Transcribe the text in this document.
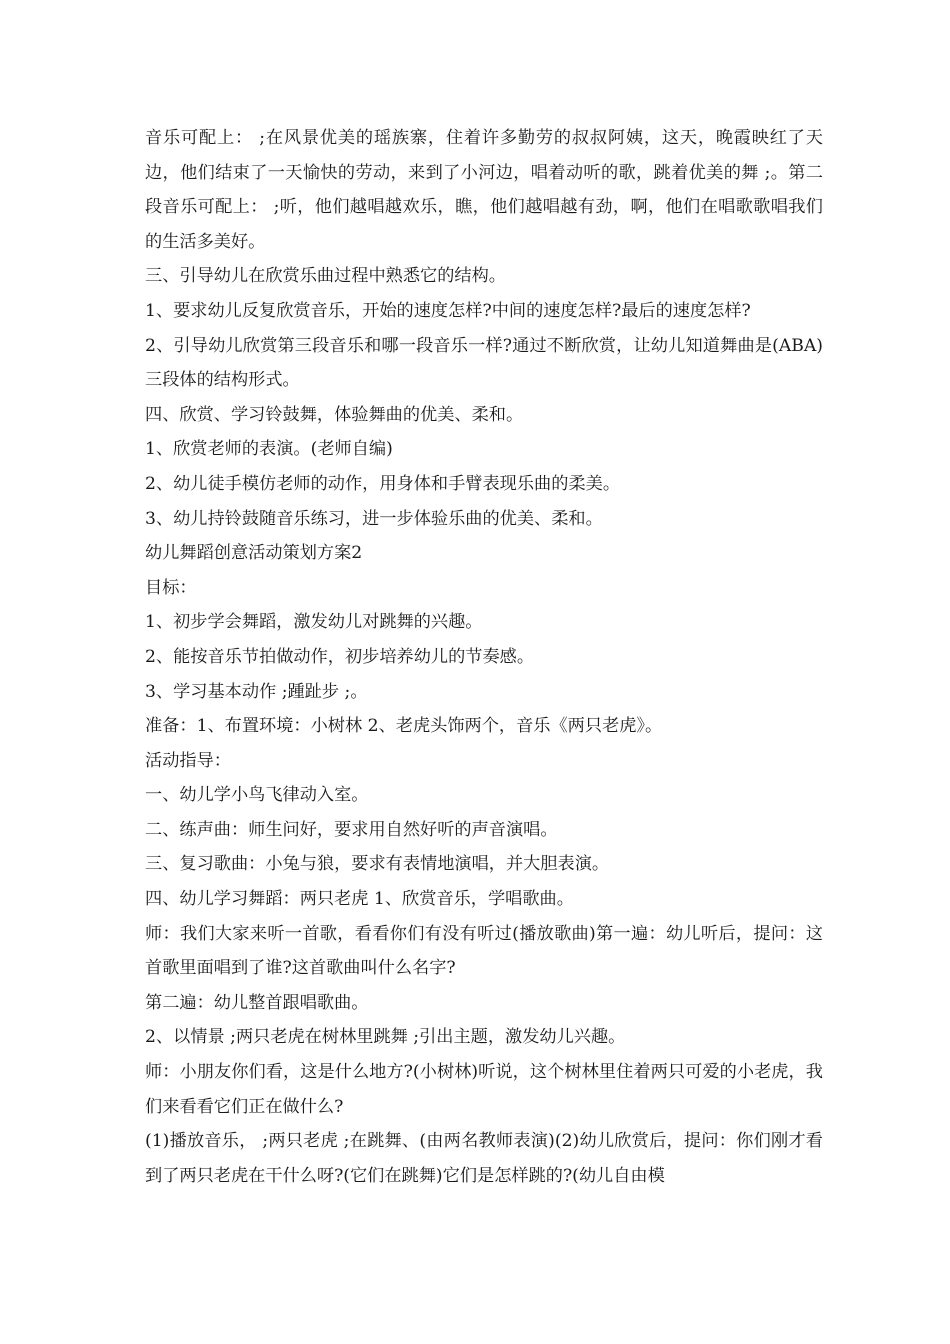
音乐可配上： ;在风景优美的瑶族寨，住着许多勤劳的叔叔阿姨，这天，晚霞映红了天边，他们结束了一天愉快的劳动，来到了小河边，唱着动听的歌，跳着优美的舞 ;。第二段音乐可配上： ;听，他们越唱越欢乐，瞧，他们越唱越有劲，啊，他们在唱歌歌唱我们的生活多美好。

三、引导幼儿在欣赏乐曲过程中熟悉它的结构。

1、要求幼儿反复欣赏音乐，开始的速度怎样?中间的速度怎样?最后的速度怎样?

2、引导幼儿欣赏第三段音乐和哪一段音乐一样?通过不断欣赏，让幼儿知道舞曲是(ABA)三段体的结构形式。

四、欣赏、学习铃鼓舞，体验舞曲的优美、柔和。

1、欣赏老师的表演。(老师自编)

2、幼儿徒手模仿老师的动作，用身体和手臂表现乐曲的柔美。

3、幼儿持铃鼓随音乐练习，进一步体验乐曲的优美、柔和。

幼儿舞蹈创意活动策划方案2

目标：

1、初步学会舞蹈，激发幼儿对跳舞的兴趣。

2、能按音乐节拍做动作，初步培养幼儿的节奏感。

3、学习基本动作 ;踵趾步 ;。

准备：1、布置环境：小树林 2、老虎头饰两个，音乐《两只老虎》。

活动指导：

一、幼儿学小鸟飞律动入室。

二、练声曲：师生问好，要求用自然好听的声音演唱。

三、复习歌曲：小兔与狼，要求有表情地演唱，并大胆表演。

四、幼儿学习舞蹈：两只老虎 1、欣赏音乐，学唱歌曲。

师：我们大家来听一首歌，看看你们有没有听过(播放歌曲)第一遍：幼儿听后，提问：这首歌里面唱到了谁?这首歌曲叫什么名字?

第二遍：幼儿整首跟唱歌曲。

2、以情景 ;两只老虎在树林里跳舞 ;引出主题，激发幼儿兴趣。

师：小朋友你们看，这是什么地方?(小树林)听说，这个树林里住着两只可爱的小老虎，我们来看看它们正在做什么?

(1)播放音乐， ;两只老虎 ;在跳舞、(由两名教师表演)(2)幼儿欣赏后，提问：你们刚才看到了两只老虎在干什么呀?(它们在跳舞)它们是怎样跳的?(幼儿自由模
